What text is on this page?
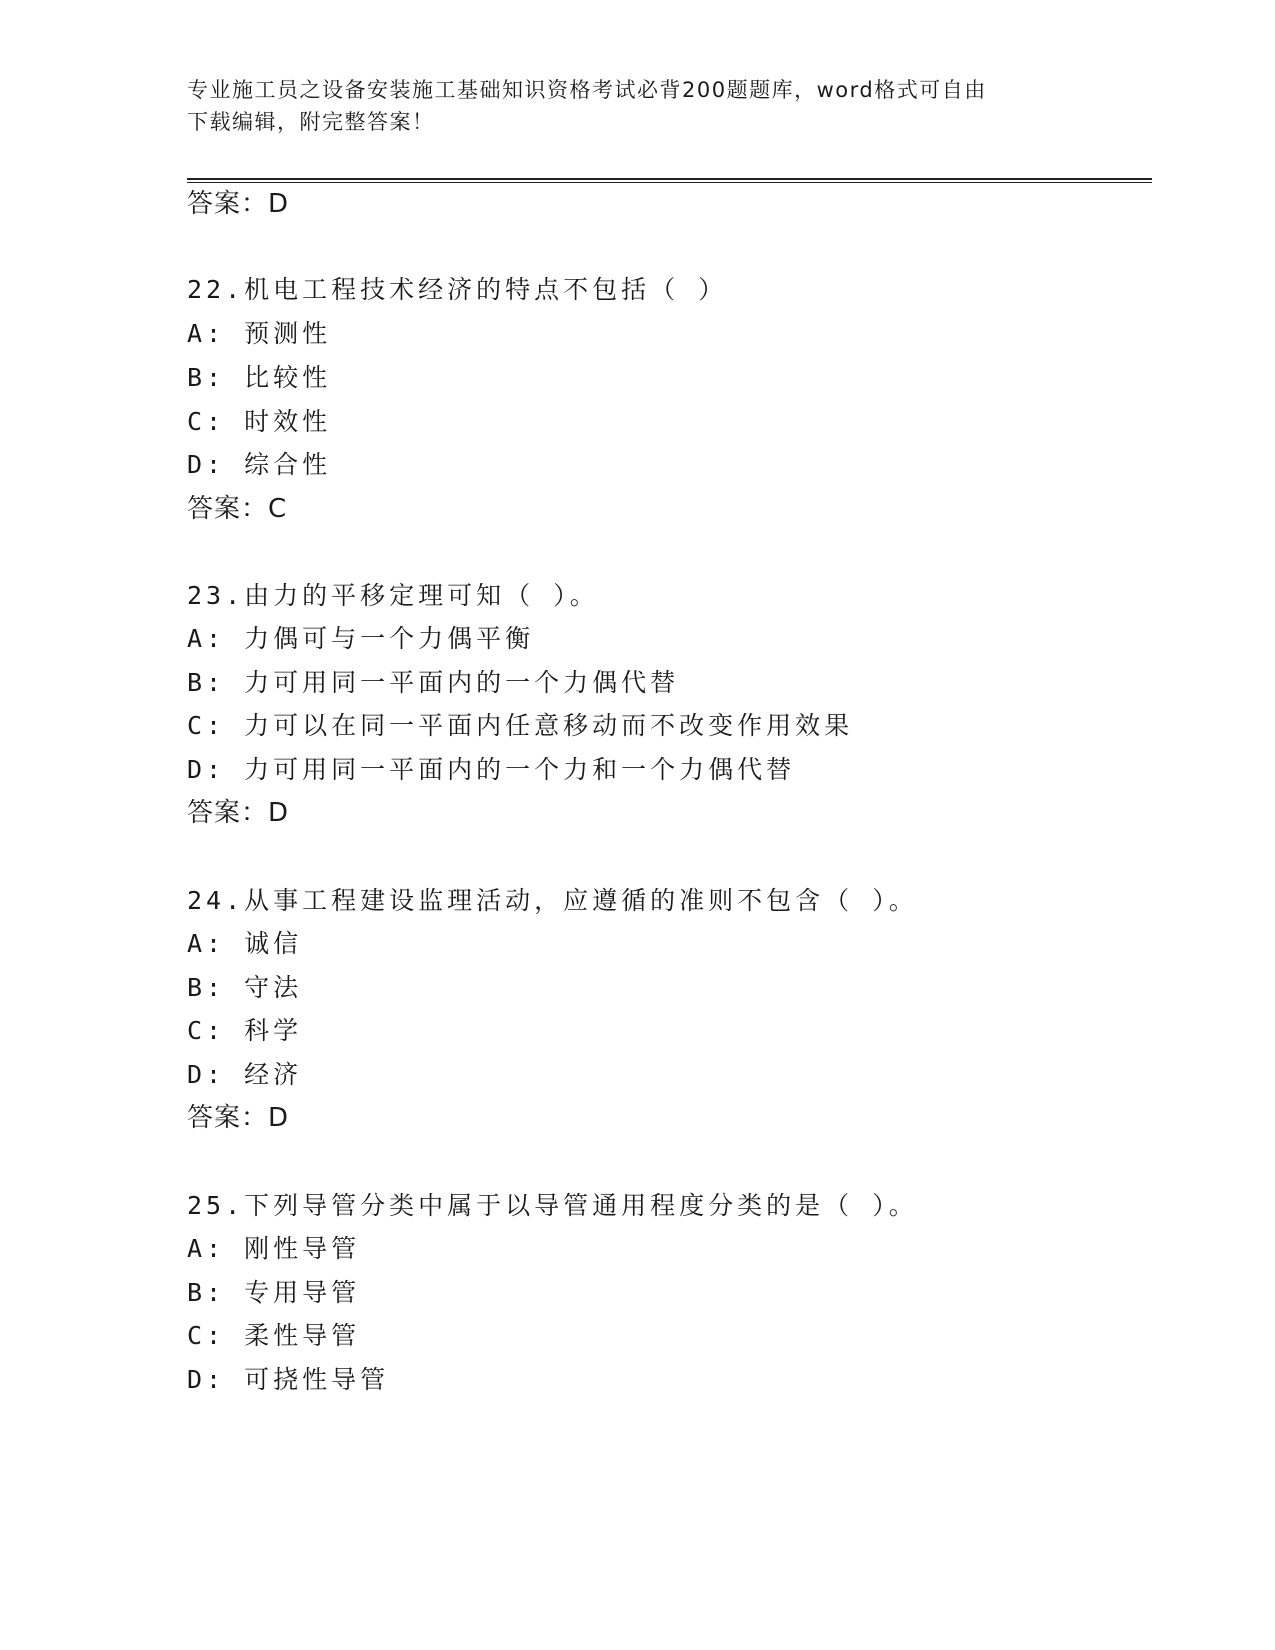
专业施工员之设备安装施工基础知识资格考试必背200题题库，word格式可自由
下载编辑，附完整答案！
答案：D
22.机电工程技术经济的特点不包括（ ）
A: 预测性
B: 比较性
C: 时效性
D: 综合性
答案：C
23.由力的平移定理可知（ ）。
A: 力偶可与一个力偶平衡
B: 力可用同一平面内的一个力偶代替
C: 力可以在同一平面内任意移动而不改变作用效果
D: 力可用同一平面内的一个力和一个力偶代替
答案：D
24.从事工程建设监理活动，应遵循的准则不包含（ ）。
A: 诚信
B: 守法
C: 科学
D: 经济
答案：D
25.下列导管分类中属于以导管通用程度分类的是（ ）。
A: 刚性导管
B: 专用导管
C: 柔性导管
D: 可挠性导管
